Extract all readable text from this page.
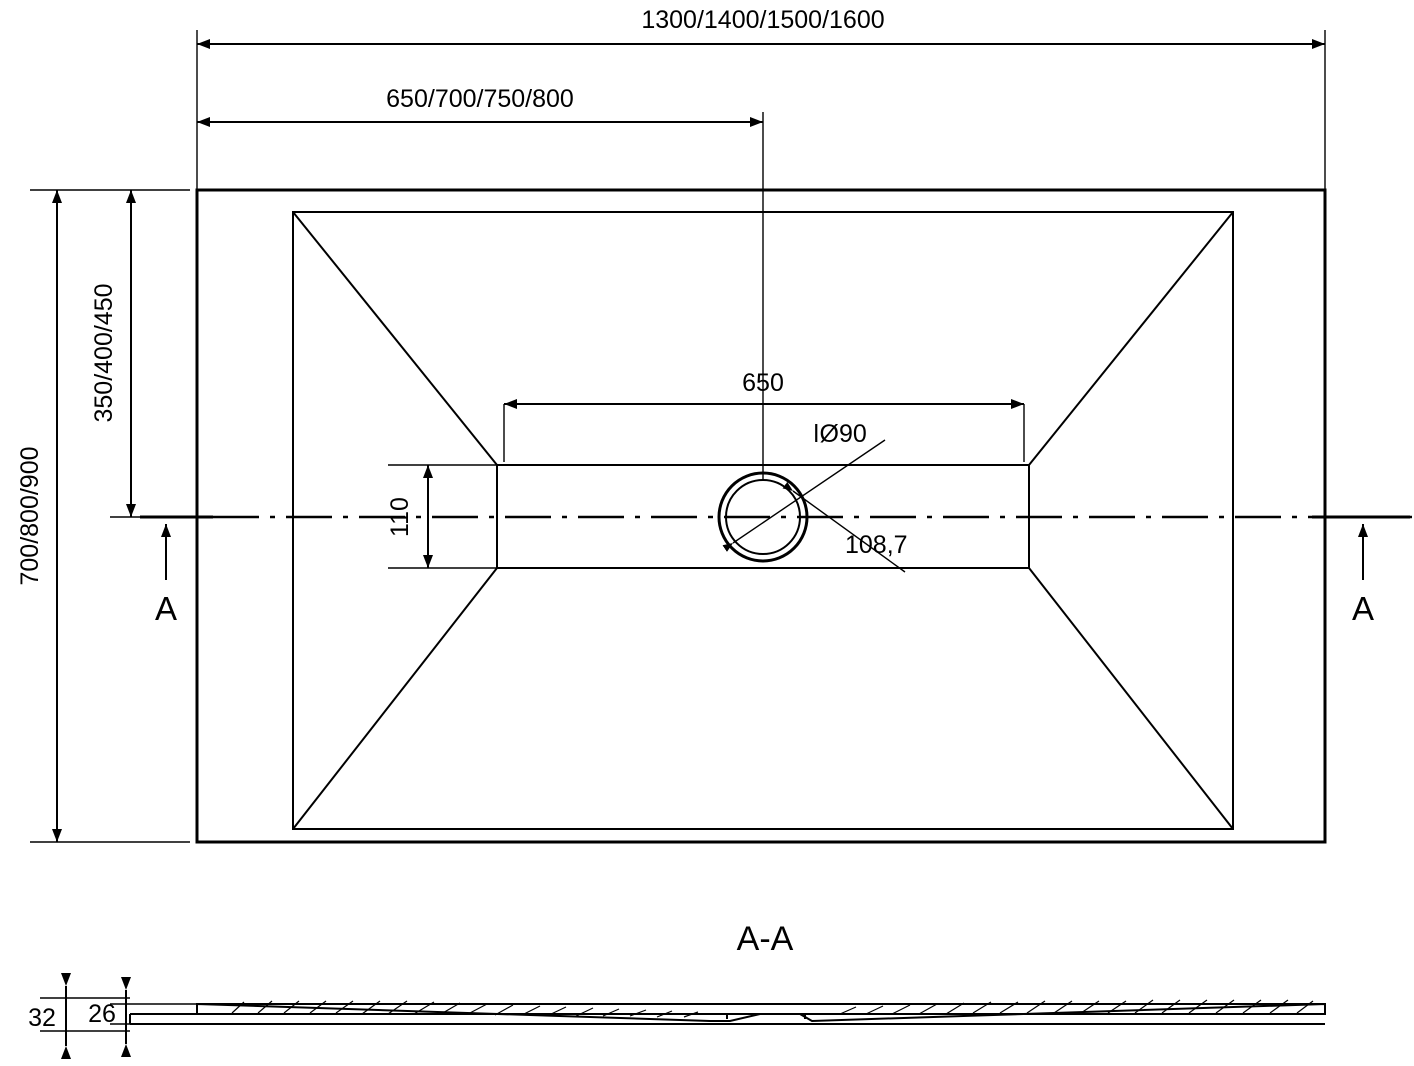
1300/1400/1500/1600
650/700/750/800
650
110
350/400/450
700/800/900
ǀØ90
108,7
A	A
A-A
32 26
